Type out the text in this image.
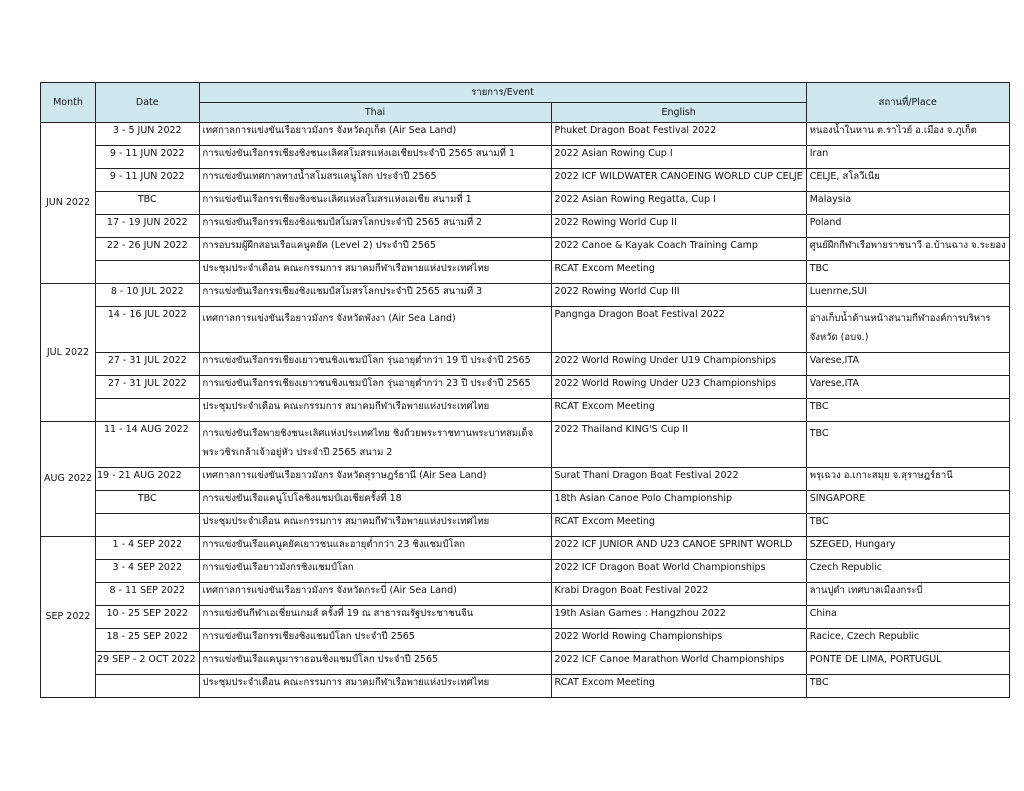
Month	Date	รายการ/Event		สถานที่/Place
		Thai	English	
JUN 2022	3 - 5 JUN 2022	เทศกาลการแข่งขันเรือยาวมังกร จังหวัดภูเก็ต (Air Sea Land)	Phuket Dragon Boat Festival 2022	หนองน้ำในหาน ต.ราไวย์ อ.เมือง จ.ภูเก็ต
	9 - 11 JUN 2022	การแข่งขันเรือกรรเชียงชิงชนะเลิศสโมสรแห่งเอเชียประจำปี 2565 สนามที่ 1	2022 Asian Rowing Cup I	Iran
	9 - 11 JUN 2022	การแข่งขันเทศกาลทางน้ำสโมสรแคนูโลก ประจำปี 2565	2022 ICF WILDWATER CANOEING WORLD CUP CELJE	CELJE, สโลวีเนีย
	TBC	การแข่งขันเรือกรรเชียงชิงชนะเลิศแห่งสโมสรแห่งเอเชีย สนามที่ 1	2022 Asian Rowing Regatta, Cup I	Malaysia
	17 - 19 JUN 2022	การแข่งขันเรือกรรเชียงชิงแชมป์สโมสรโลกประจำปี 2565 สนามที่ 2	2022 Rowing World Cup II	Poland
	22 - 26 JUN 2022	การอบรมผู้ฝึกสอนเรือแคนูคยัค (Level 2) ประจำปี 2565	2022 Canoe & Kayak Coach Training Camp	ศูนย์ฝึกกีฬาเรือพายราชนาวี อ.บ้านฉาง จ.ระยอง
		ประชุมประจำเดือน คณะกรรมการ สมาคมกีฬาเรือพายแห่งประเทศไทย	RCAT Excom Meeting	TBC
JUL 2022	8 - 10 JUL 2022	การแข่งขันเรือกรรเชียงชิงแชมป์สโมสรโลกประจำปี 2565 สนามที่ 3	2022 Rowing World Cup III	Luenrne,SUI
	14 - 16 JUL 2022	เทศกาลการแข่งขันเรือยาวมังกร จังหวัดพังงา (Air Sea Land)	Pangnga Dragon Boat Festival 2022	อ่างเก็บน้ำด้านหน้าสนามกีฬาองค์การบริหารจังหวัด (อบจ.)
	27 - 31 JUL 2022	การแข่งขันเรือกรรเชียงเยาวชนชิงแชมป์โลก รุ่นอายุต่ำกว่า 19 ปี ประจำปี 2565	2022 World Rowing Under U19 Championships	Varese,ITA
	27 - 31 JUL 2022	การแข่งขันเรือกรรเชียงเยาวชนชิงแชมป์โลก รุ่นอายุต่ำกว่า 23 ปี ประจำปี 2565	2022 World Rowing Under U23 Championships	Varese,ITA
		ประชุมประจำเดือน คณะกรรมการ สมาคมกีฬาเรือพายแห่งประเทศไทย	RCAT Excom Meeting	TBC
AUG 2022	11 - 14 AUG 2022	การแข่งขันเรือพายชิงชนะเลิศแห่งประเทศไทย ชิงถ้วยพระราชทานพระบาทสมเด็จพระวชิรเกล้าเจ้าอยู่หัว ประจำปี 2565 สนาม 2	2022 Thailand KING'S Cup II	TBC
	19 - 21 AUG 2022	เทศกาลการแข่งขันเรือยาวมังกร จังหวัดสุราษฎร์ธานี (Air Sea Land)	Surat Thani Dragon Boat Festival 2022	พรุเฉวง อ.เกาะสมุย จ.สุราษฎร์ธานี
	TBC	การแข่งขันเรือแคนูโปโลชิงแชมป์เอเชียครั้งที่ 18	18th Asian Canoe Polo Championship	SINGAPORE
		ประชุมประจำเดือน คณะกรรมการ สมาคมกีฬาเรือพายแห่งประเทศไทย	RCAT Excom Meeting	TBC
SEP 2022	1 - 4 SEP 2022	การแข่งขันเรือแคนูคยัคเยาวชนและอายุต่ำกว่า 23 ชิงแชมป์โลก	2022 ICF JUNIOR AND U23 CANOE SPRINT WORLD	SZEGED, Hungary
	3 - 4 SEP 2022	การแข่งขันเรือยาวมังกรชิงแชมป์โลก	2022 ICF Dragon Boat World Championships	Czech Republic
	8 - 11 SEP 2022	เทศกาลการแข่งขันเรือยาวมังกร จังหวัดกระบี่ (Air Sea Land)	Krabi Dragon Boat Festival 2022	ลานปูดำ เทศบาลเมืองกระบี่
	10 - 25 SEP 2022	การแข่งขันกีฬาเอเชี่ยนเกมส์ ครั้งที่ 19 ณ สาธารณรัฐประชาชนจีน	19th Asian Games : Hangzhou 2022	China
	18 - 25 SEP 2022	การแข่งขันเรือกรรเชียงชิงแชมป์โลก ประจำปี 2565	2022 World Rowing Championships	Racice, Czech Republic
	29 SEP - 2 OCT 2022	การแข่งขันเรือแคนูมาราธอนชิงแชมป์โลก ประจำปี 2565	2022 ICF Canoe Marathon World Championships	PONTE DE LIMA, PORTUGUL
		ประชุมประจำเดือน คณะกรรมการ สมาคมกีฬาเรือพายแห่งประเทศไทย	RCAT Excom Meeting	TBC
